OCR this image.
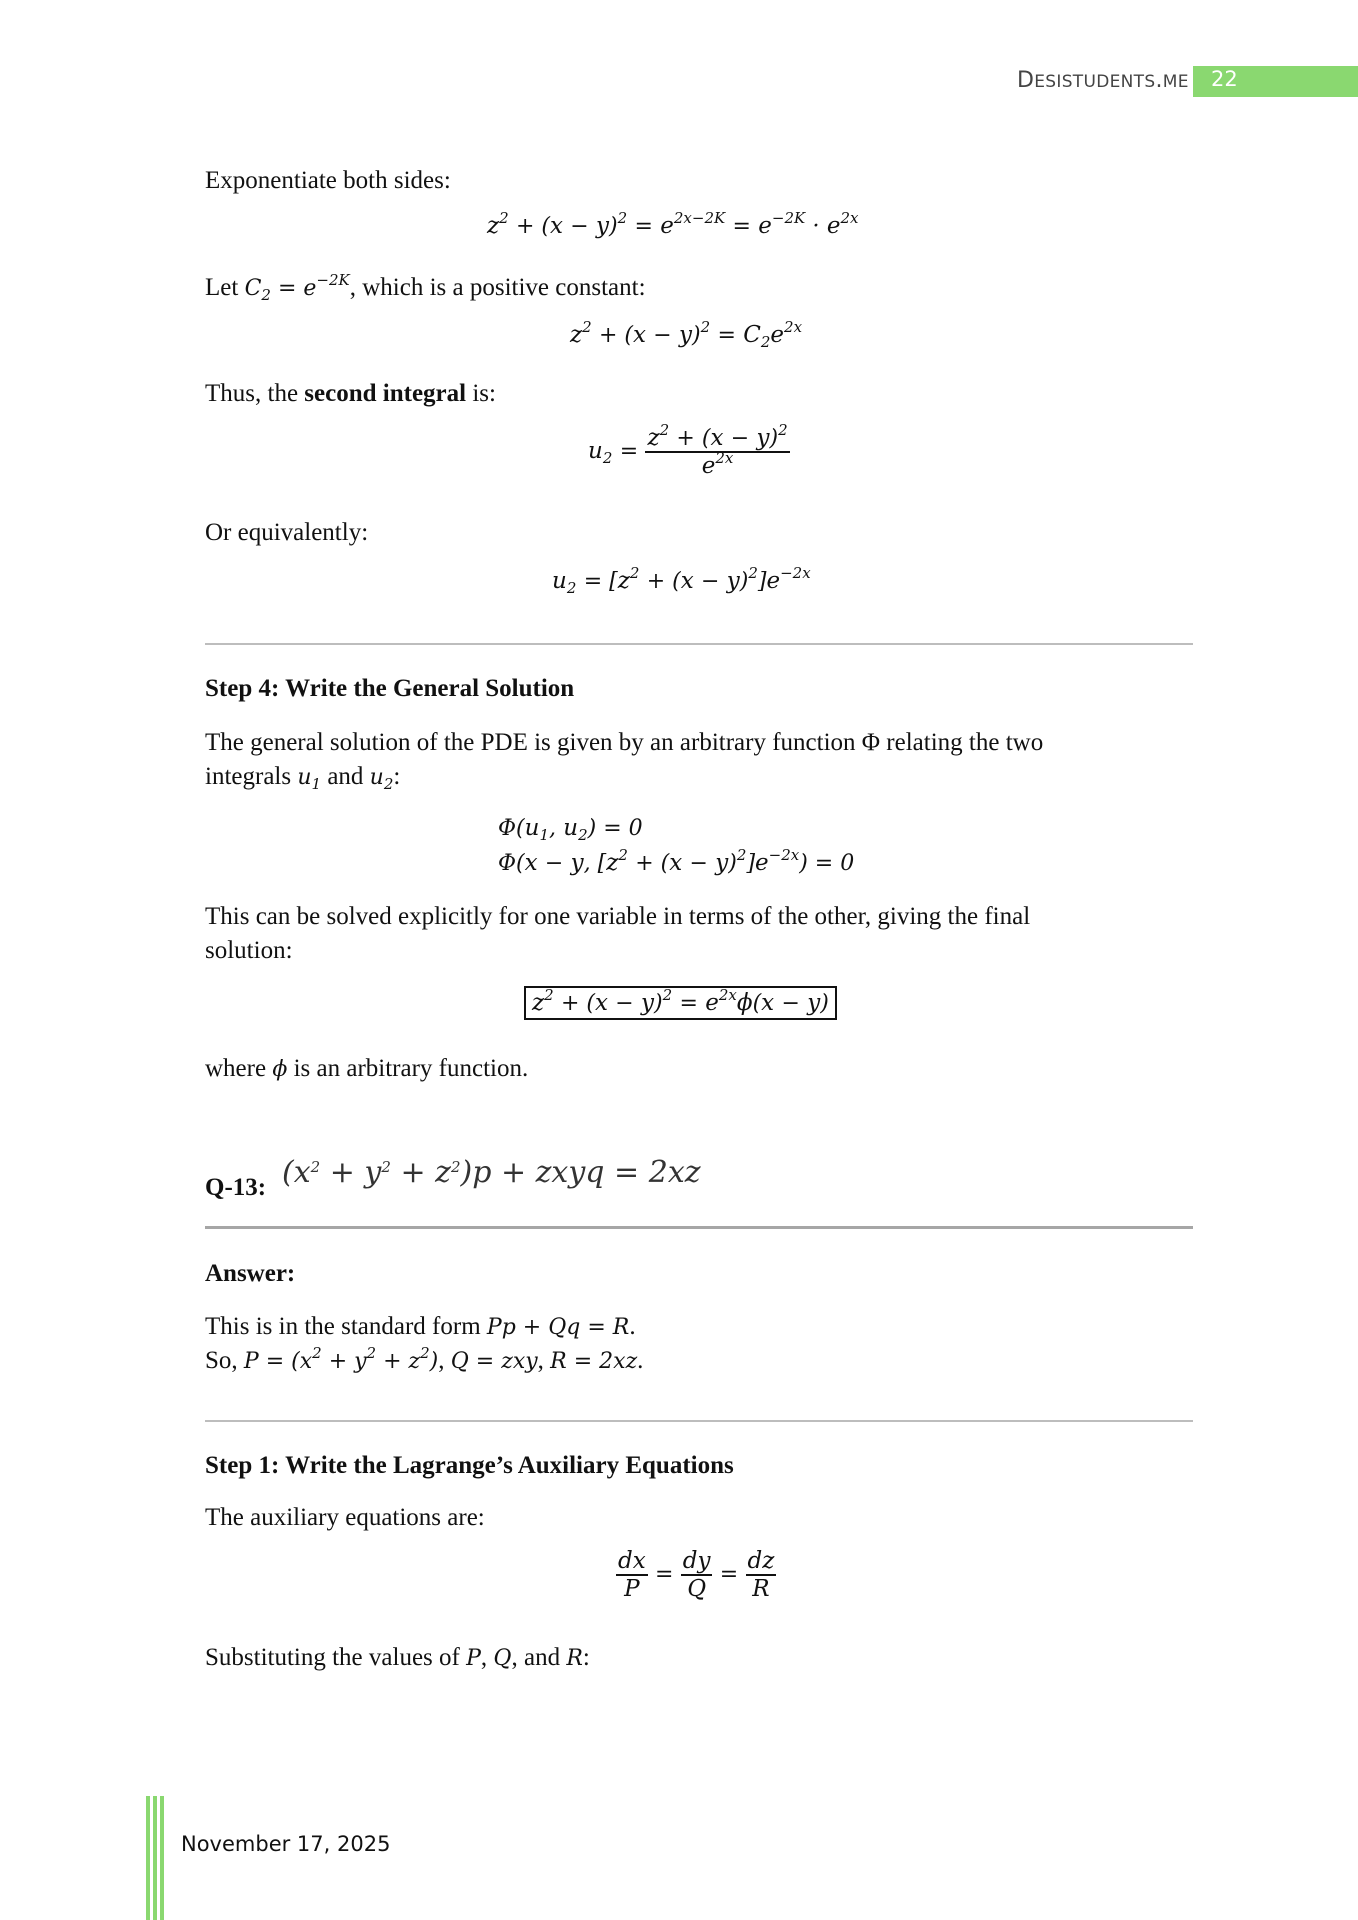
DESISTUDENTS.ME 22
Exponentiate both sides:
$z^2 + (x - y)^2 = e^{2x-2K} = e^{-2K} \cdot e^{2x}$
Let $C_2 = e^{-2K}$, which is a positive constant:
$z^2 + (x - y)^2 = C_2e^{2x}$
Thus, the second integral is:
$u_2 = \frac{z^2 + (x - y)^2}{e^{2x}}$
Or equivalently:
$u_2 = [z^2 + (x - y)^2]e^{-2x}$
Step 4: Write the General Solution
The general solution of the PDE is given by an arbitrary function Φ relating the two
integrals $u_1$ and $u_2$:
$\Phi(u_1$, $u_2) = 0$
Φ(x − y, $[z^2 + (x - y)^2]e^{-2x}) = 0$
This can be solved explicitly for one variable in terms of the other, giving the final
solution:
$z^2 + (x - y)^2 = e^{2x}\phi(x - y)$
where ϕ is an arbitrary function.
Q-13: $(x^2 + y^2 + z^2)p$ + zxyq = 2xz
Answer:
This is in the standard form Pp + Qq = R.
So, $P = (x^2 + y^2 + z^2)$, Q = zxy, R = 2xz.
Step 1: Write the Lagrange’s Auxiliary Equations
The auxiliary equations are:
$\frac{dx}{P} = \frac{dy}{Q} = \frac{dz}{R}$
Substituting the values of P, Q, and R:
November 17, 2025
